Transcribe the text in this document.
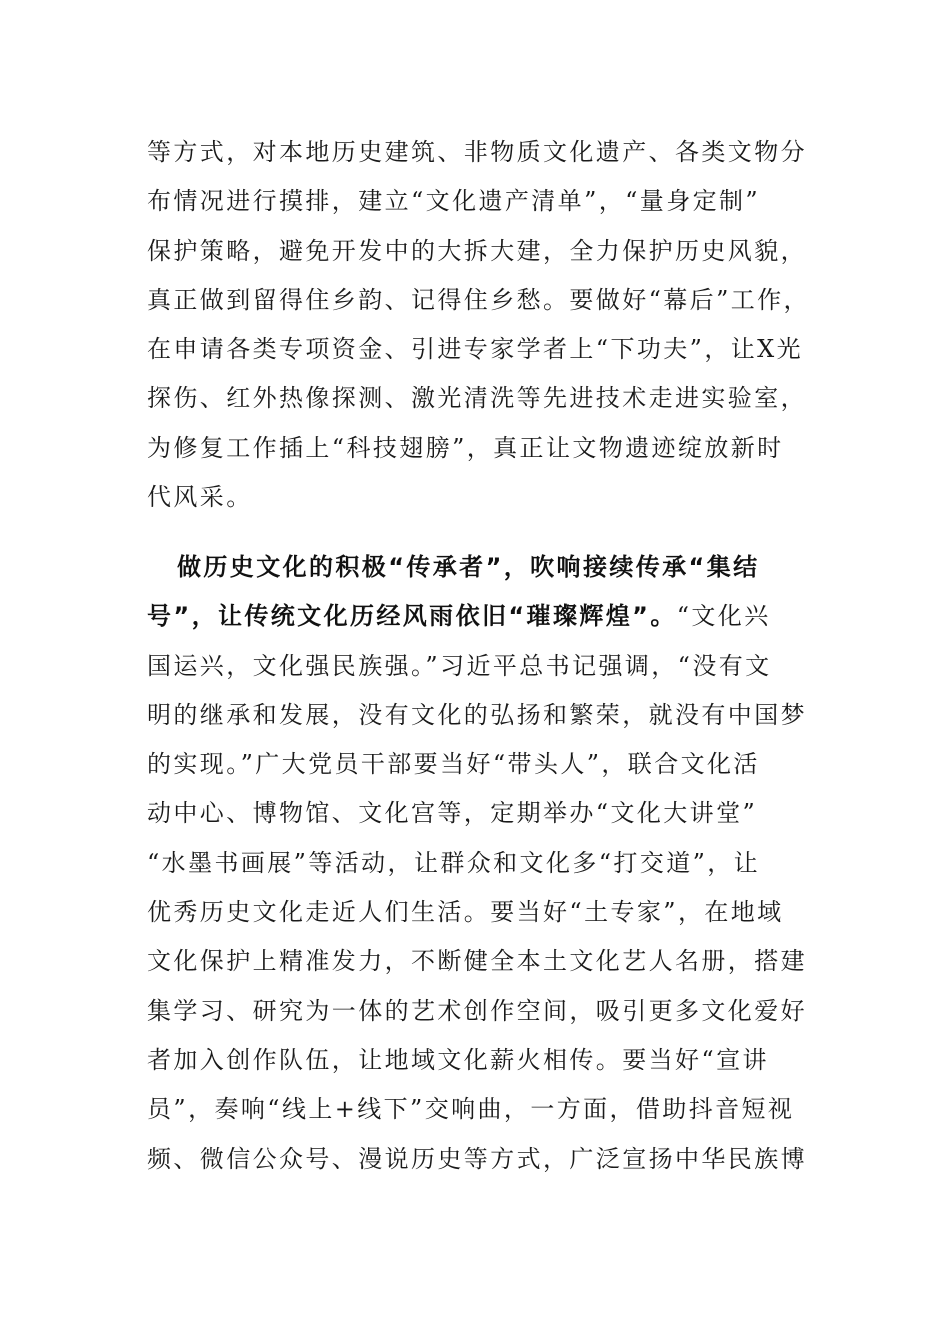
等方式，对本地历史建筑、非物质文化遗产、各类文物分
布情况进行摸排，建立“文化遗产清单”，“量身定制”
保护策略，避免开发中的大拆大建，全力保护历史风貌，
真正做到留得住乡韵、记得住乡愁。要做好“幕后”工作，
在申请各类专项资金、引进专家学者上“下功夫”，让X光
探伤、红外热像探测、激光清洗等先进技术走进实验室，
为修复工作插上“科技翅膀”，真正让文物遗迹绽放新时
代风采。
做历史文化的积极“传承者”，吹响接续传承“集结
号”，让传统文化历经风雨依旧“璀璨辉煌”。“文化兴
国运兴，文化强民族强。”习近平总书记强调，“没有文
明的继承和发展，没有文化的弘扬和繁荣，就没有中国梦
的实现。”广大党员干部要当好“带头人”，联合文化活
动中心、博物馆、文化宫等，定期举办“文化大讲堂”
“水墨书画展”等活动，让群众和文化多“打交道”，让
优秀历史文化走近人们生活。要当好“土专家”，在地域
文化保护上精准发力，不断健全本土文化艺人名册，搭建
集学习、研究为一体的艺术创作空间，吸引更多文化爱好
者加入创作队伍，让地域文化薪火相传。要当好“宣讲
员”，奏响“线上+线下”交响曲，一方面，借助抖音短视
频、微信公众号、漫说历史等方式，广泛宣扬中华民族博
